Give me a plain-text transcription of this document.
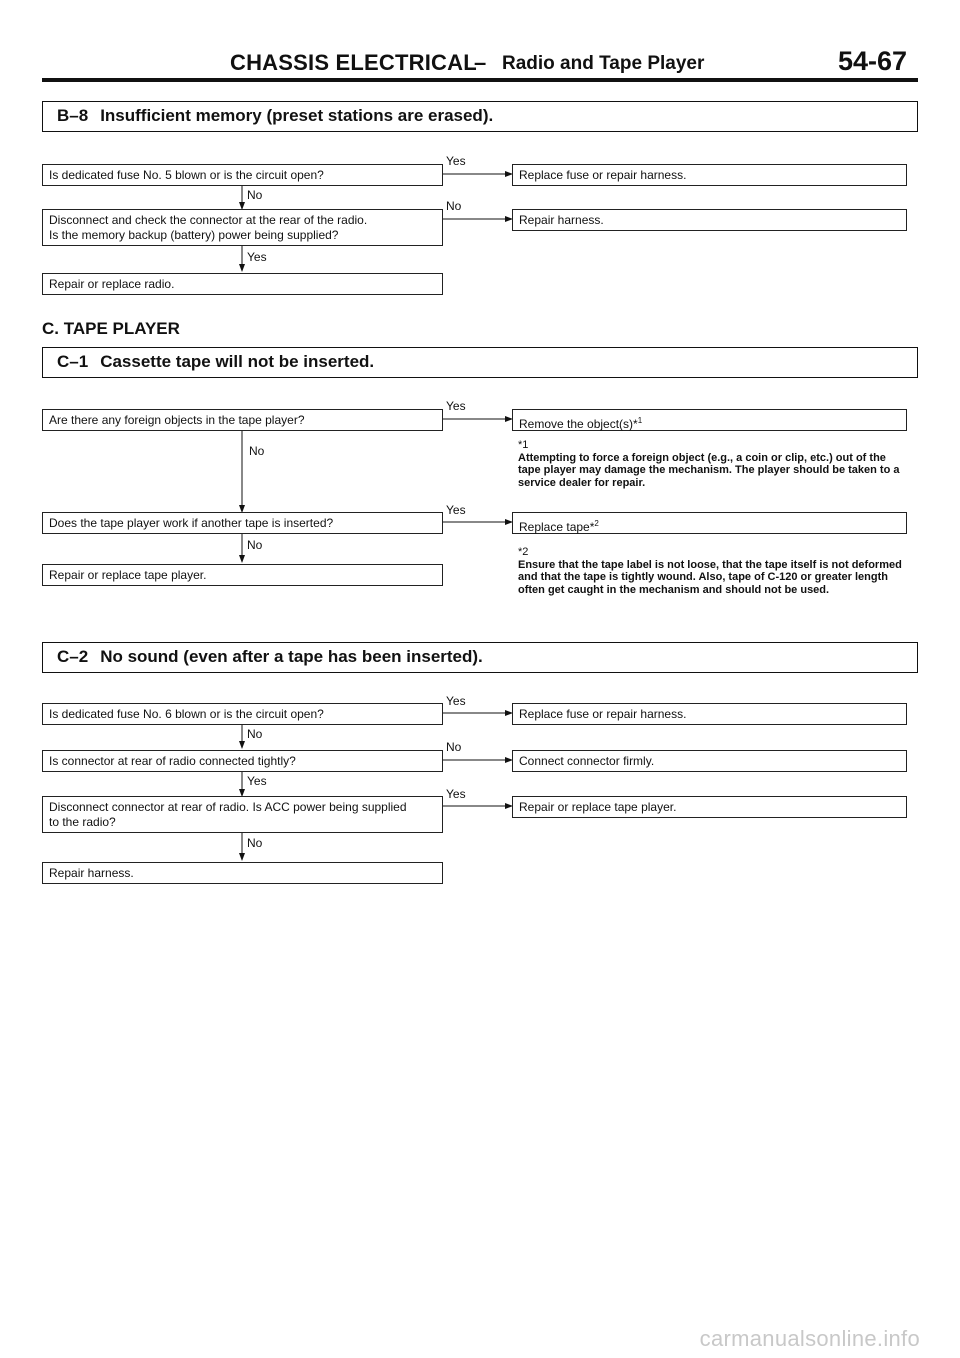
CHASSIS ELECTRICAL
– Radio and Tape Player	54-67
B–8 Insufficient memory (preset stations are erased).
Is dedicated fuse No. 5 blown or is the circuit open?
Yes
Replace fuse or repair harness.
No
Disconnect and check the connector at the rear of the radio.
Is the memory backup (battery) power being supplied?
No
Repair harness.
Yes
Repair or replace radio.
C. TAPE PLAYER
C–1 Cassette tape will not be inserted.
Are there any foreign objects in the tape player?
Yes
Remove the object(s)*$^1$
No	*1
Attempting to force a foreign object (e.g., a coin or clip, etc.) out of the tape player may damage the mechanism. The player should be taken to a service dealer for repair.
Does the tape player work if another tape is inserted?
Yes
Replace tape*$^2$
No
Repair or replace tape player.
*2
Ensure that the tape label is not loose, that the tape itself is not deformed and that the tape is tightly wound. Also, tape of C-120 or greater length often get caught in the mechanism and should not be used.
C–2 No sound (even after a tape has been inserted).
Is dedicated fuse No. 6 blown or is the circuit open?
Yes
Replace fuse or repair harness.
No
Is connector at rear of radio connected tightly?
No
Connect connector firmly.
Yes
Disconnect connector at rear of radio. Is ACC power being supplied
to the radio?
Yes
Repair or replace tape player.
No
Repair harness.
carmanualsonline.info
